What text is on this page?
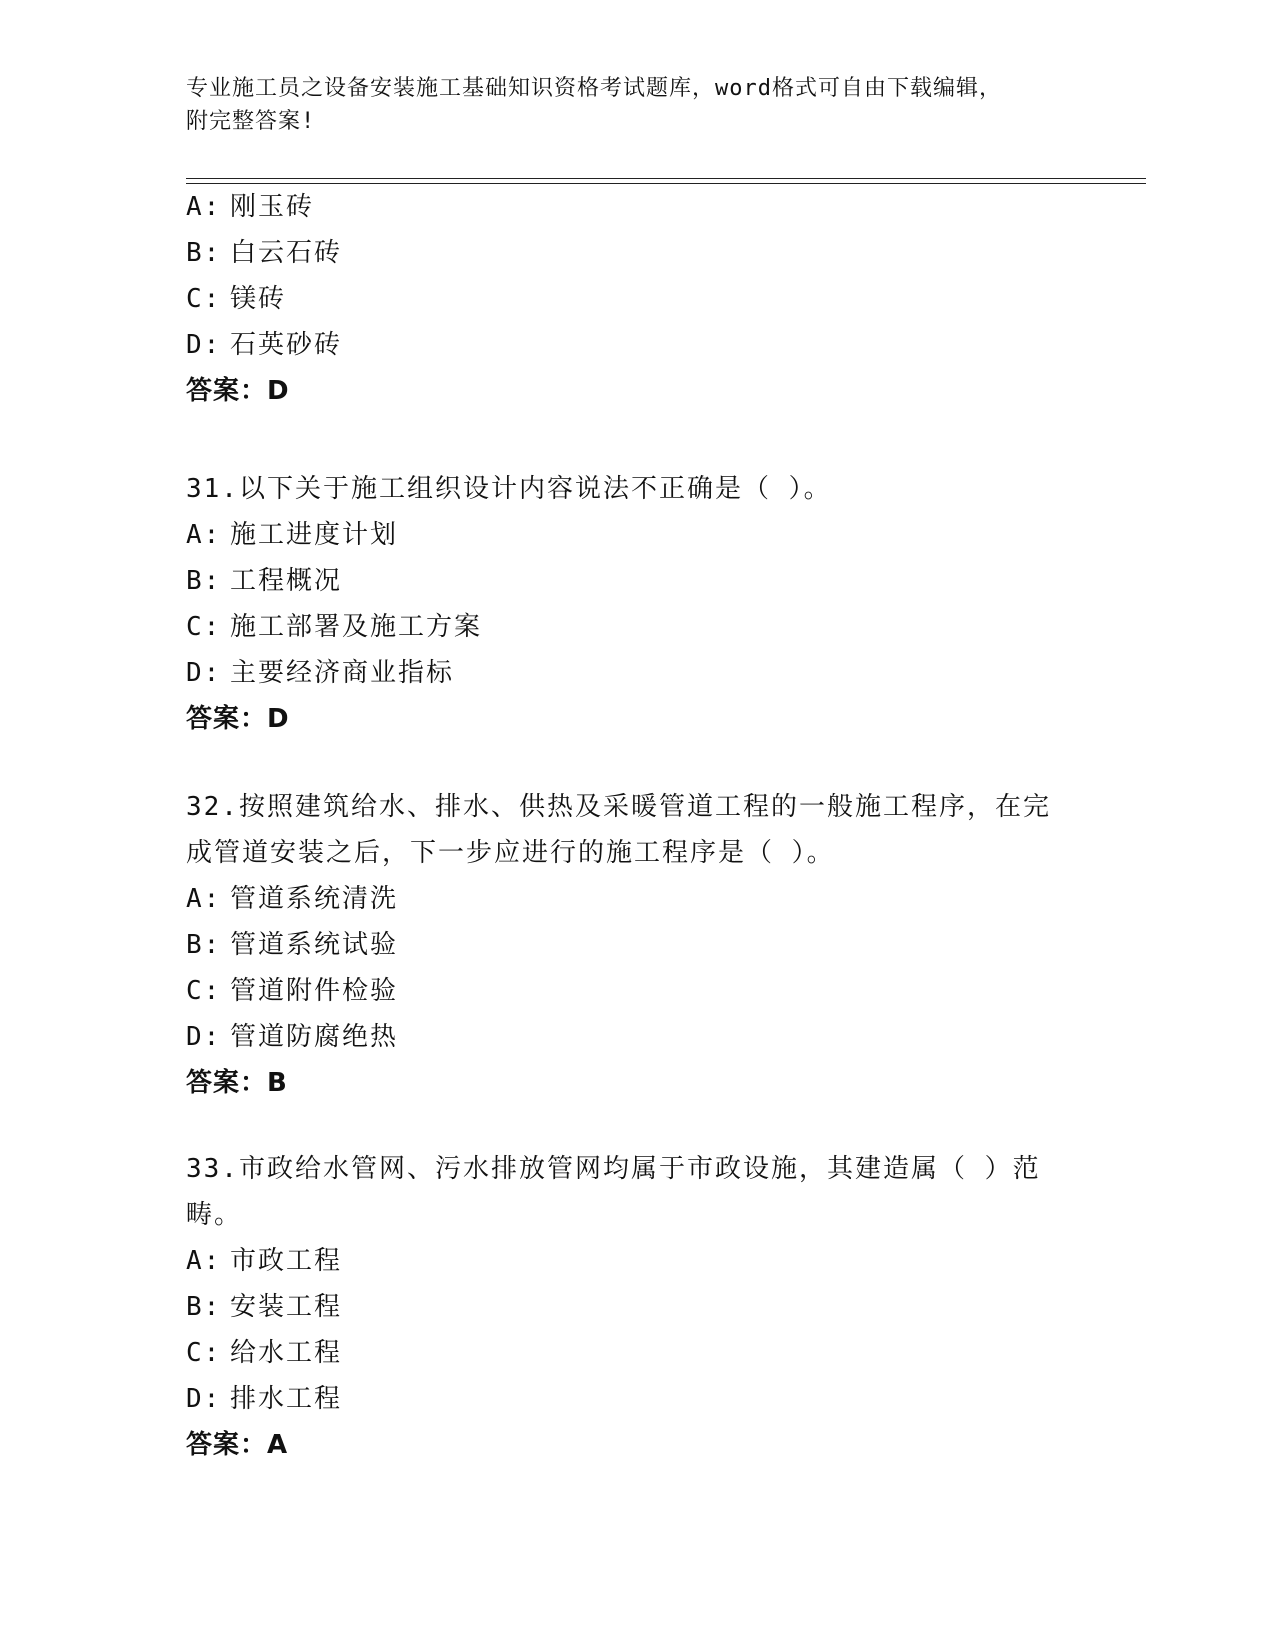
专业施工员之设备安装施工基础知识资格考试题库，word格式可自由下载编辑，
附完整答案!
A: 刚玉砖
B: 白云石砖
C: 镁砖
D: 石英砂砖
答案：D
31.以下关于施工组织设计内容说法不正确是（ ）。
A: 施工进度计划
B: 工程概况
C: 施工部署及施工方案
D: 主要经济商业指标
答案：D
32.按照建筑给水、排水、供热及采暖管道工程的一般施工程序，在完
成管道安装之后，下一步应进行的施工程序是（ ）。
A: 管道系统清洗
B: 管道系统试验
C: 管道附件检验
D: 管道防腐绝热
答案：B
33.市政给水管网、污水排放管网均属于市政设施，其建造属（ ）范
畴。
A: 市政工程
B: 安装工程
C: 给水工程
D: 排水工程
答案：A
